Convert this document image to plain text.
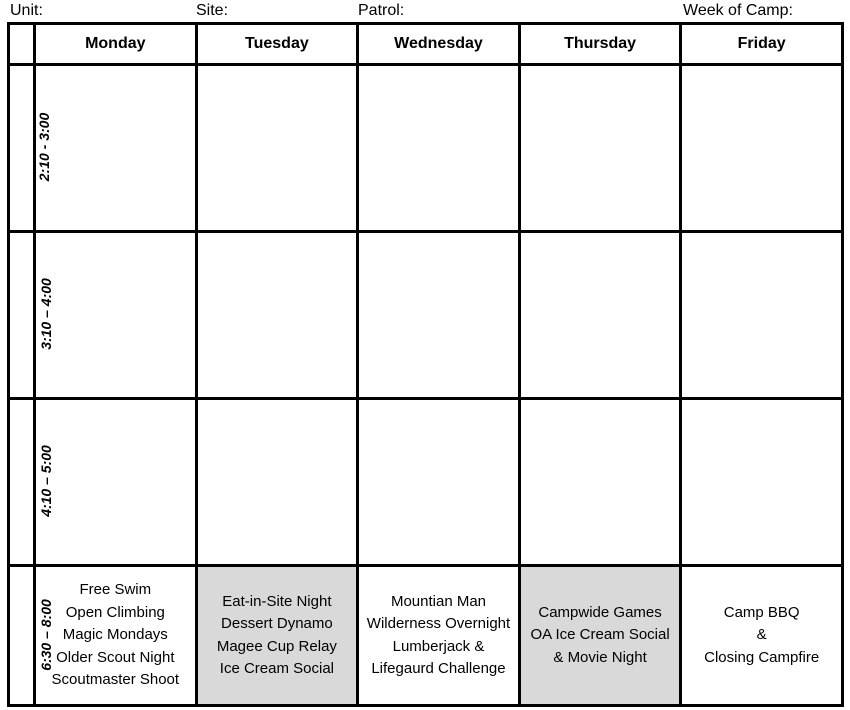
Unit:	Site:	Patrol:	Week of Camp:
	Monday	Tuesday	Wednesday	Thursday	Friday
2:10 - 3:00					
3:10 – 4:00					
4:10 – 5:00					
6:30 – 8:00	Free Swim
Open Climbing
Magic Mondays
Older Scout Night
Scoutmaster Shoot	Eat-in-Site Night
Dessert Dynamo
Magee Cup Relay
Ice Cream Social	Mountian Man
Wilderness Overnight
Lumberjack &
Lifegaurd Challenge	Campwide Games
OA Ice Cream Social
& Movie Night	Camp BBQ
&
Closing Campfire
